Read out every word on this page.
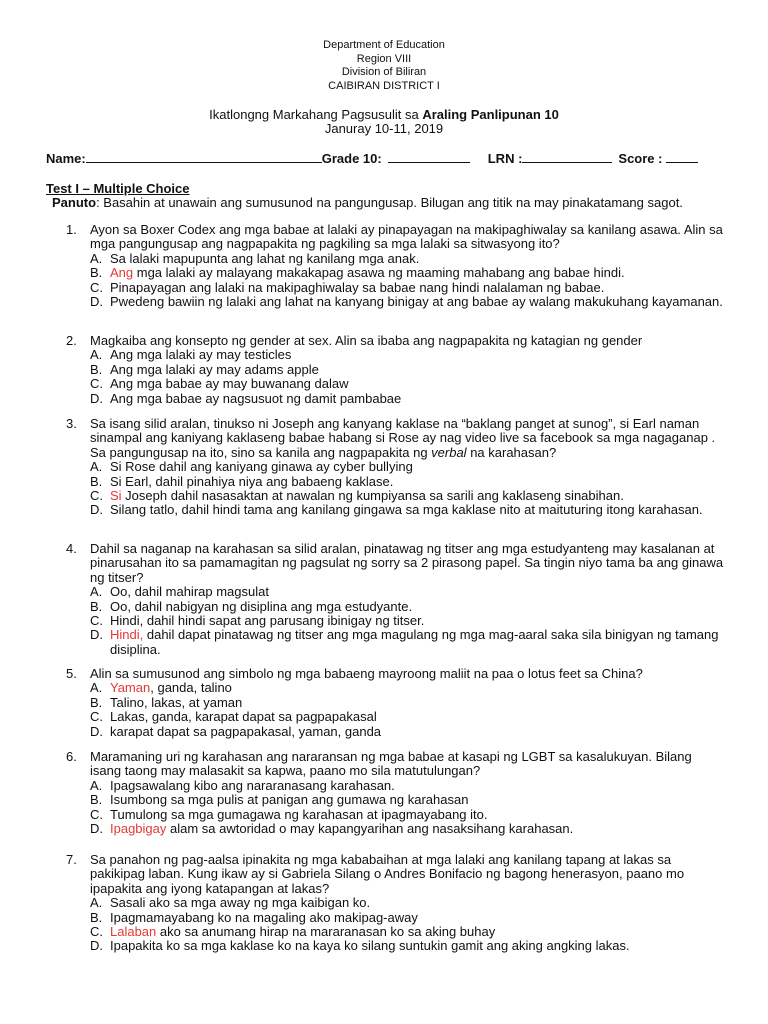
Department of Education
Region VIII
Division of Biliran
CAIBIRAN DISTRICT I
Ikatlongng Markahang Pagsusulit sa Araling Panlipunan 10
Januray 10-11, 2019
Name:	Grade 10:	LRN :	Score :
Test I – Multiple Choice
Panuto: Basahin at unawain ang sumusunod na pangungusap. Bilugan ang titik na may pinakatamang sagot.
1. Ayon sa Boxer Codex ang mga babae at lalaki ay pinapayagan na makipaghiwalay sa kanilang asawa. Alin sa mga pangungusap ang nagpapakita ng pagkiling sa mga lalaki sa sitwasyong ito?
A. Sa lalaki mapupunta ang lahat ng kanilang mga anak.
B. Ang mga lalaki ay malayang makakapag asawa ng maaming mahabang ang babae hindi.
C. Pinapayagan ang lalaki na makipaghiwalay sa babae nang hindi nalalaman ng babae.
D. Pwedeng bawiin ng lalaki ang lahat na kanyang binigay at ang babae ay walang makukuhang kayamanan.
2. Magkaiba ang konsepto ng gender at sex. Alin sa ibaba ang nagpapakita ng katagian ng gender
A. Ang mga lalaki ay may testicles
B. Ang mga lalaki ay may adams apple
C. Ang mga babae ay may buwanang dalaw
D. Ang mga babae ay nagsusuot ng damit pambabae
3. Sa isang silid aralan, tinukso ni Joseph ang kanyang kaklase na “baklang panget at sunog”, si Earl naman sinampal ang kaniyang kaklaseng babae habang si Rose ay nag video live sa facebook sa mga nagaganap . Sa pangungusap na ito, sino sa kanila ang nagpapakita ng verbal na karahasan?
A. Si Rose dahil ang kaniyang ginawa ay cyber bullying
B. Si Earl, dahil pinahiya niya ang babaeng kaklase.
C. Si Joseph dahil nasasaktan at nawalan ng kumpiyansa sa sarili ang kaklaseng sinabihan.
D. Silang tatlo, dahil hindi tama ang kanilang gingawa sa mga kaklase nito at maituturing itong karahasan.
4. Dahil sa naganap na karahasan sa silid aralan, pinatawag ng titser ang mga estudyanteng may kasalanan at pinarusahan ito sa pamamagitan ng pagsulat ng sorry sa 2 pirasong papel. Sa tingin niyo tama ba ang ginawa ng titser?
A. Oo, dahil mahirap magsulat
B. Oo, dahil nabigyan ng disiplina ang mga estudyante.
C. Hindi, dahil hindi sapat ang parusang ibinigay ng titser.
D. Hindi, dahil dapat pinatawag ng titser ang mga magulang ng mga mag-aaral saka sila binigyan ng tamang disiplina.
5. Alin sa sumusunod ang simbolo ng mga babaeng mayroong maliit na paa o lotus feet sa China?
A. Yaman, ganda, talino
B. Talino, lakas, at yaman
C. Lakas, ganda, karapat dapat sa pagpapakasal
D. karapat dapat sa pagpapakasal, yaman, ganda
6. Maramaning uri ng karahasan ang nararansan ng mga babae at kasapi ng LGBT sa kasalukuyan. Bilang isang taong may malasakit sa kapwa, paano mo sila matutulungan?
A. Ipagsawalang kibo ang nararanasang karahasan.
B. Isumbong sa mga pulis at panigan ang gumawa ng karahasan
C. Tumulong sa mga gumagawa ng karahasan at ipagmayabang ito.
D. Ipagbigay alam sa awtoridad o may kapangyarihan ang nasaksihang karahasan.
7. Sa panahon ng pag-aalsa ipinakita ng mga kababaihan at mga lalaki ang kanilang tapang at lakas sa pakikipag laban. Kung ikaw ay si Gabriela Silang o Andres Bonifacio ng bagong henerasyon, paano mo ipapakita ang iyong katapangan at lakas?
A. Sasali ako sa mga away ng mga kaibigan ko.
B. Ipagmamayabang ko na magaling ako makipag-away
C. Lalaban ako sa anumang hirap na mararanasan ko sa aking buhay
D. Ipapakita ko sa mga kaklase ko na kaya ko silang suntukin gamit ang aking angking lakas.
